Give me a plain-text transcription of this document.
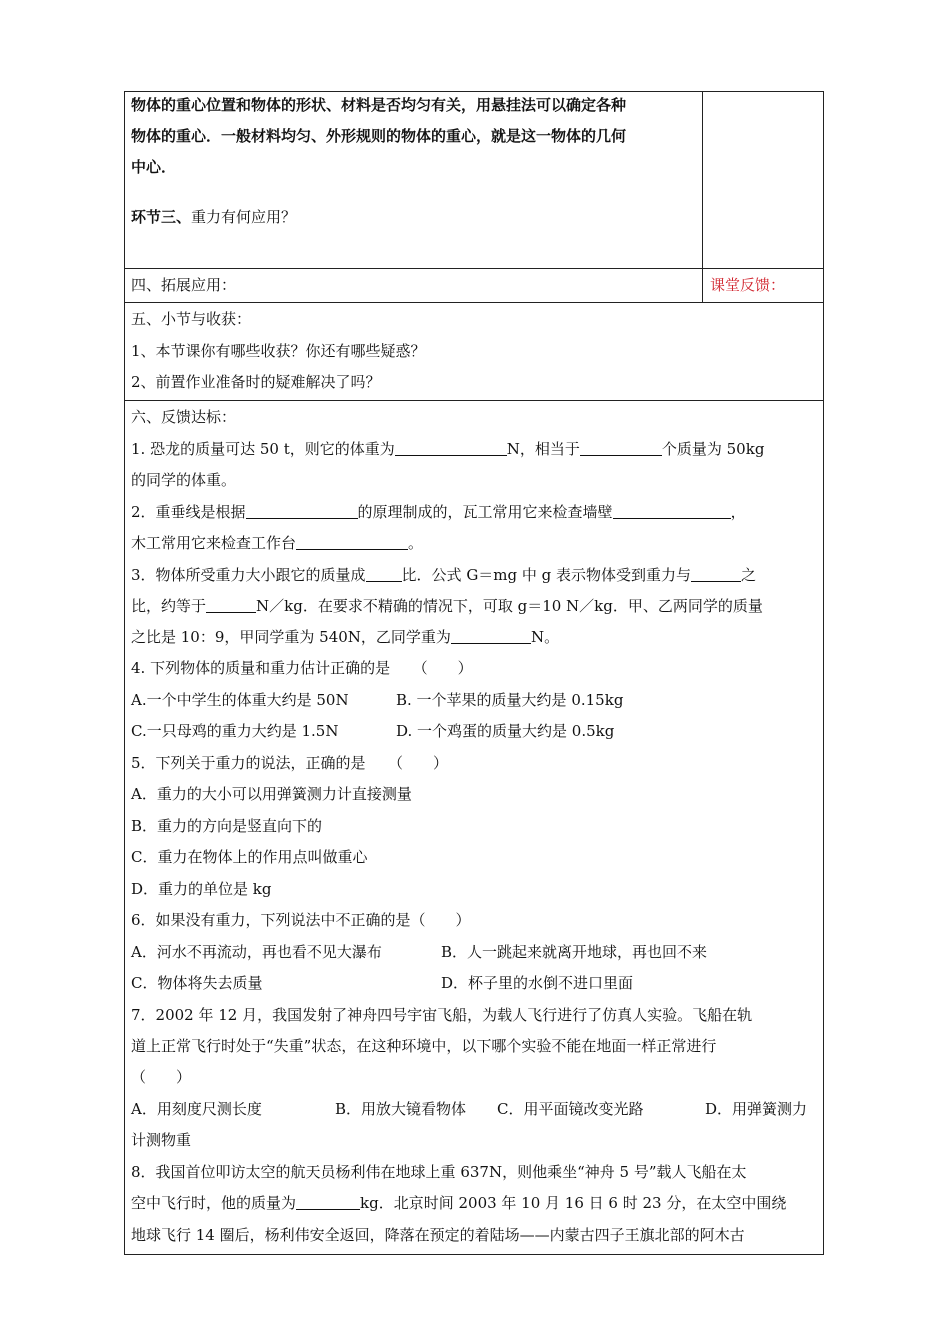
物体的重心位置和物体的形状、材料是否均匀有关，用悬挂法可以确定各种
物体的重心．一般材料均匀、外形规则的物体的重心，就是这一物体的几何
中心．
环节三、重力有何应用？
四、拓展应用：	课堂反馈：
五、小节与收获：
1、本节课你有哪些收获？你还有哪些疑惑？
2、前置作业准备时的疑难解决了吗？
六、反馈达标：
1. 恐龙的质量可达 50 t，则它的体重为	N，相当于	个质量为 50kg
的同学的体重。
2．重垂线是根据	的原理制成的，瓦工常用它来检查墙壁	，
木工常用它来检查工作台	。
3．物体所受重力大小跟它的质量成 比．公式 G＝mg 中 g 表示物体受到重力与	之
比，约等于	N／kg．在要求不精确的情况下，可取 g＝10 N／kg．甲、乙两同学的质量
之比是 10：9，甲同学重为 540N，乙同学重为	N。
4. 下列物体的质量和重力估计正确的是　　（　　）
A.一个中学生的体重大约是 50N	B. 一个苹果的质量大约是 0.15kg
C.一只母鸡的重力大约是 1.5N	D. 一个鸡蛋的质量大约是 0.5kg
5．下列关于重力的说法，正确的是　　（　　）
A．重力的大小可以用弹簧测力计直接测量
B．重力的方向是竖直向下的
C．重力在物体上的作用点叫做重心
D．重力的单位是 kg
6．如果没有重力，下列说法中不正确的是（　　）
A．河水不再流动，再也看不见大瀑布	B．人一跳起来就离开地球，再也回不来
C．物体将失去质量	D．杯子里的水倒不进口里面
7．2002 年 12 月，我国发射了神舟四号宇宙飞船，为载人飞行进行了仿真人实验。飞船在轨
道上正常飞行时处于“失重”状态，在这种环境中，以下哪个实验不能在地面一样正常进行
（　　）
A．用刻度尺测长度	B．用放大镜看物体 C．用平面镜改变光路	D．用弹簧测力
计测物重
8．我国首位叩访太空的航天员杨利伟在地球上重 637N，则他乘坐“神舟 5 号”载人飞船在太
空中飞行时，他的质量为	kg．北京时间 2003 年 10 月 16 日 6 时 23 分，在太空中围绕
地球飞行 14 圈后，杨利伟安全返回，降落在预定的着陆场——内蒙古四子王旗北部的阿木古
